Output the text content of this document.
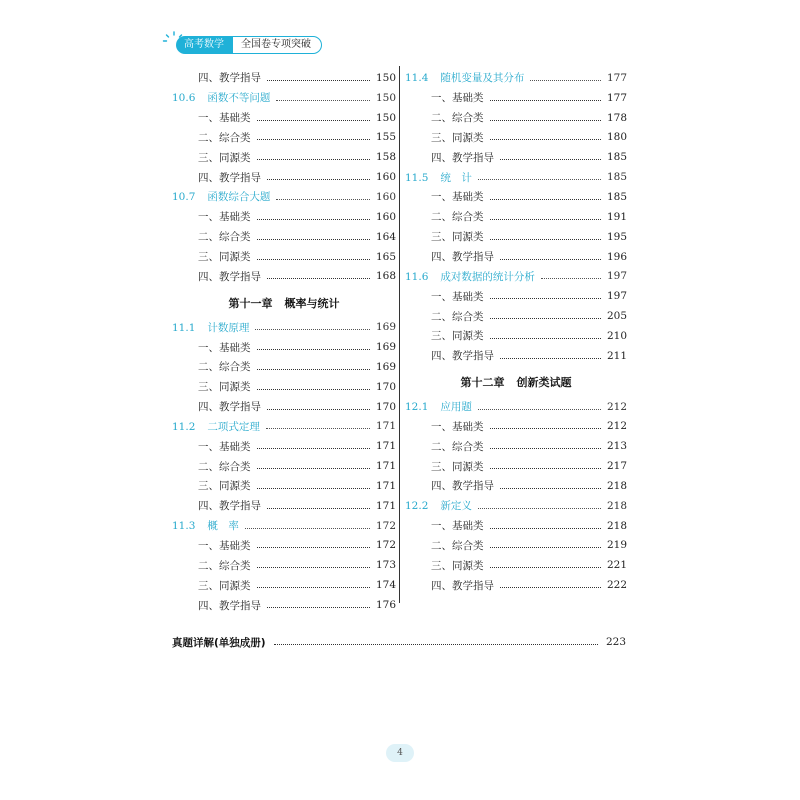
高考数学	全国卷专项突破
四、教学指导	150
10.6 函数不等问题	150
一、基础类	150
二、综合类	155
三、同源类	158
四、教学指导	160
10.7 函数综合大题	160
一、基础类	160
二、综合类	164
三、同源类	165
四、教学指导	168
第十一章 概率与统计
11.1 计数原理	169
一、基础类	169
二、综合类	169
三、同源类	170
四、教学指导	170
11.2 二项式定理	171
一、基础类	171
二、综合类	171
三、同源类	171
四、教学指导	171
11.3 概　率	172
一、基础类	172
二、综合类	173
三、同源类	174
四、教学指导	176
11.4 随机变量及其分布	177
一、基础类	177
二、综合类	178
三、同源类	180
四、教学指导	185
11.5 统　计	185
一、基础类	185
二、综合类	191
三、同源类	195
四、教学指导	196
11.6 成对数据的统计分析	197
一、基础类	197
二、综合类	205
三、同源类	210
四、教学指导	211
第十二章 创新类试题
12.1 应用题	212
一、基础类	212
二、综合类	213
三、同源类	217
四、教学指导	218
12.2 新定义	218
一、基础类	218
二、综合类	219
三、同源类	221
四、教学指导	222
真题详解(单独成册)	223
4
